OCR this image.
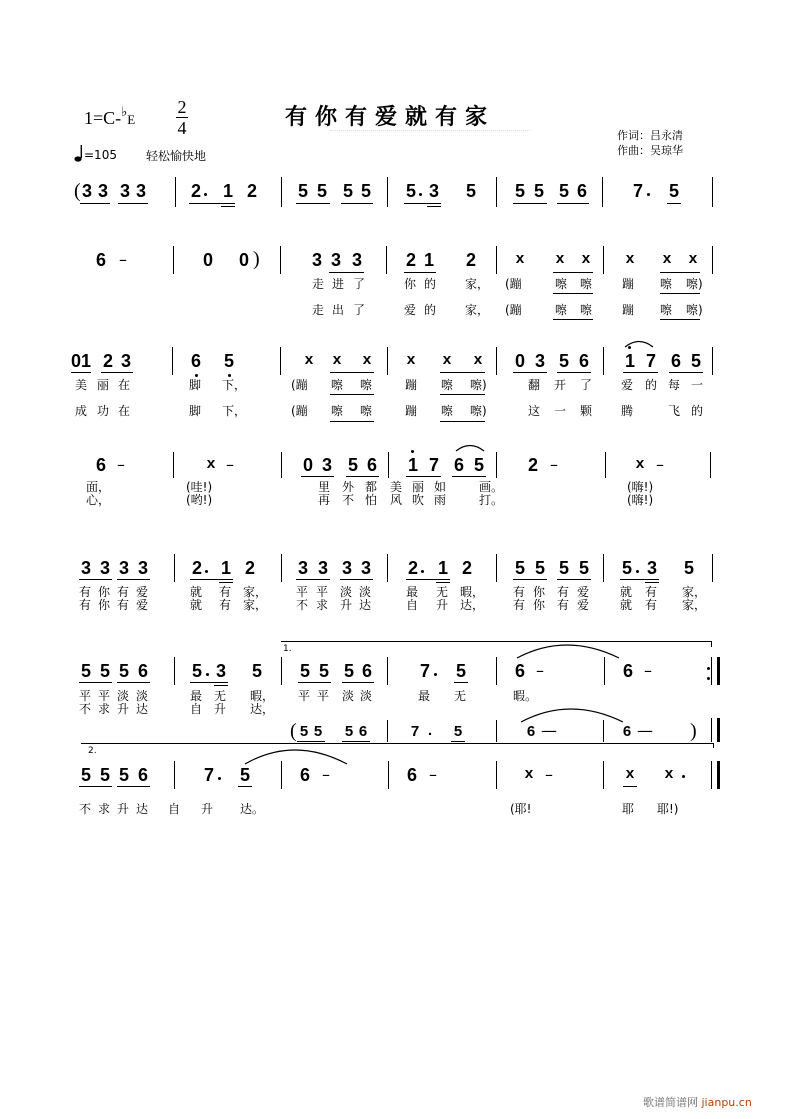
1=C-♭E
2
4	有你有爱就有家
=105 轻松愉快地
作词：吕永清
作曲：吴琼华
( 3 3 3 3 2 1 2 5 5 5 5 5 3 5 5 5 5 6	7 5
6 –	0 0 )	3 3 3 2 1 2	x x x x x x
走 进 了	你 的 家， (蹦	嚓 嚓 蹦 嚓 嚓)
走 出 了	爱 的 家， (蹦	嚓 嚓 蹦 嚓 嚓)
01 2 3	6 5	x x x x x x 0 3 5 6 1 7 6 5
美 丽 在	脚 下，	(蹦 嚓 嚓	蹦 嚓 嚓)	翻 开 了 爱 的 每 一
成 功 在	脚 下，	(蹦 嚓 嚓	蹦 嚓 嚓)	这 一 颗 腾	飞 的
6 –	x –	0 3 5 6 1 7 6 5 2 –	x –
面，	(哇!)	里 外 都 美 丽 如	画。	(嗨!)
心，	(哟!)	再 不 怕 风 吹 雨	打。	(嗨!)
3 3 3 3 2 1 2 3 3 3 3 2 1 2 5 5 5 5 5 3 5
有 你 有 爱	就 有 家， 平 平 淡 淡	最 无 暇， 有 你 有 爱	就 有 家，
有 你 有 爱	就 有 家， 不 求 升 达	自 升 达， 有 你 有 爱	就 有 家，
1.
5 5 5 6 5 3 5 5 5 5 6	7 5	6 –	6 –
平 平 淡 淡	最 无 暇， 平 平 淡 淡	最 无	暇。
不 求 升 达	自 升 达，
( 5 5 5 6	7 . 5	6 —	6 — )
2.
5 5 5 6	7 5	6 –	6 –	x –	x x
不 求 升 达 自 升 达。	(耶!	耶 耶!)
歌谱简谱网 jianpu.cn
